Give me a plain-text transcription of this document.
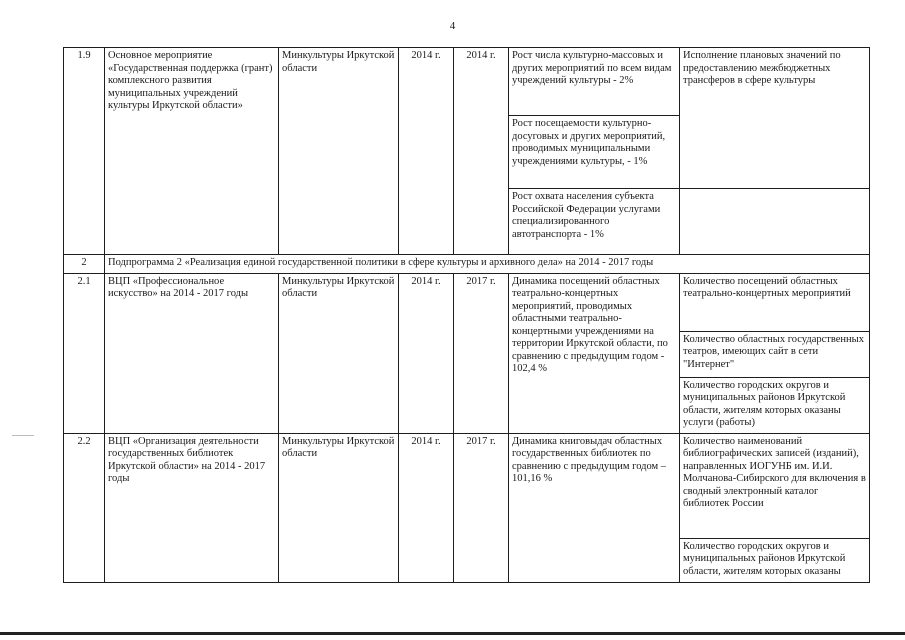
4
1.9	Основное мероприятие «Государственная поддержка (грант) комплексного развития муниципальных учреждений культуры Иркутской области»	Минкультуры Иркутской области	2014 г.	2014 г.	Рост числа культурно-массовых и других мероприятий по всем видам учреждений культуры - 2%	Исполнение плановых значений по предоставлению межбюджетных трансферов в сфере культуры
					Рост посещаемости культурно-досуговых и других мероприятий, проводимых муниципальными учреждениями культуры, - 1%	
					Рост охвата населения субъекта Российской Федерации услугами специализированного автотранспорта - 1%	
2	Подпрограмма 2 «Реализация единой государственной политики в сфере культуры и архивного дела» на 2014 - 2017 годы					
2.1	ВЦП «Профессиональное искусство» на 2014 - 2017 годы	Минкультуры Иркутской области	2014 г.	2017 г.	Динамика посещений областных театрально-концертных мероприятий, проводимых областными театрально-концертными учреждениями на территории Иркутской области, по сравнению с предыдущим годом - 102,4 %	Количество посещений областных театрально-концертных мероприятий
						Количество областных государственных театров, имеющих сайт в сети "Интернет"
						Количество городских округов и муниципальных районов Иркутской области, жителям которых оказаны услуги (работы)
2.2	ВЦП «Организация деятельности государственных библиотек Иркутской области» на 2014 - 2017 годы	Минкультуры Иркутской области	2014 г.	2017 г.	Динамика книговыдач областных государственных библиотек по сравнению с предыдущим годом – 101,16 %	Количество наименований библиографических записей (изданий), направленных ИОГУНБ им. И.И. Молчанова-Сибирского для включения в сводный электронный каталог библиотек России
						Количество городских округов и муниципальных районов Иркутской области, жителям которых оказаны
